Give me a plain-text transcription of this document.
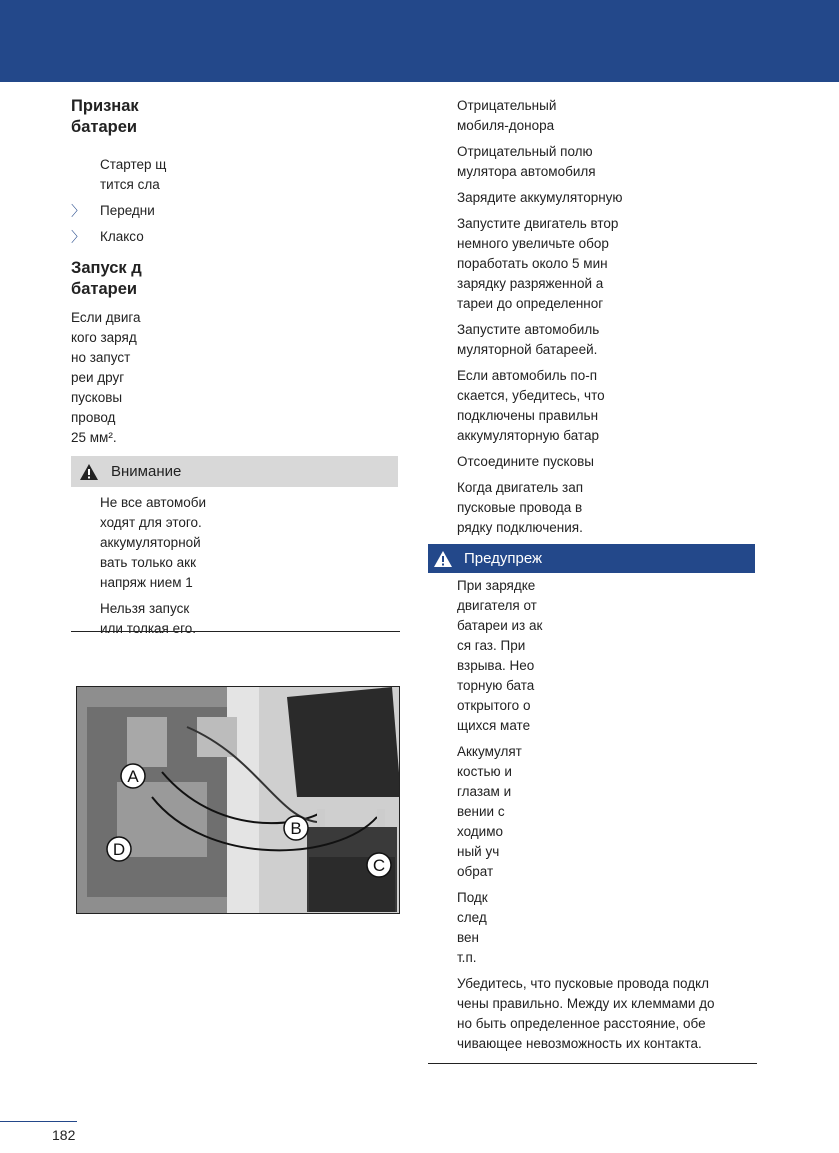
Признак
батареи
Стартер щ
тится сла
〉 Передни
〉 Клаксо
Запуск д
батареи
Если двига
кого заряд
но запуст
реи друг
пусковы
провод
25 мм².
Внимание
Не все автомоби
ходят для этого.
аккумуляторной
вать только акк
напряж нием 1
Нельзя запуск
или толкая его.
A
B
C
D
Отрицательный
мобиля-донора
Отрицательный полю
мулятора автомобиля
Зарядите аккумуляторную
Запустите двигатель втор
немного увеличьте обор
поработать около 5 мин
зарядку разряженной а
тареи до определенног
Запустите автомобиль
муляторной батареей.
Если автомобиль по-п
скается, убедитесь, что
подключены правильн
аккумуляторную батар
Отсоедините пусковы
Когда двигатель зап
пусковые провода в
рядку подключения.
Предупреж
При зарядке
двигателя от
батареи из ак
ся газ. При
взрыва. Нео
торную бата
открытого о
щихся мате
Аккумулят
костью и
глазам и
вении с
ходимо
ный уч
обрат
Подк
след
вен
т.п.
Убедитесь, что пусковые провода подкл
чены правильно. Между их клеммами до
но быть определенное расстояние, обе
чивающее невозможность их контакта.
182
